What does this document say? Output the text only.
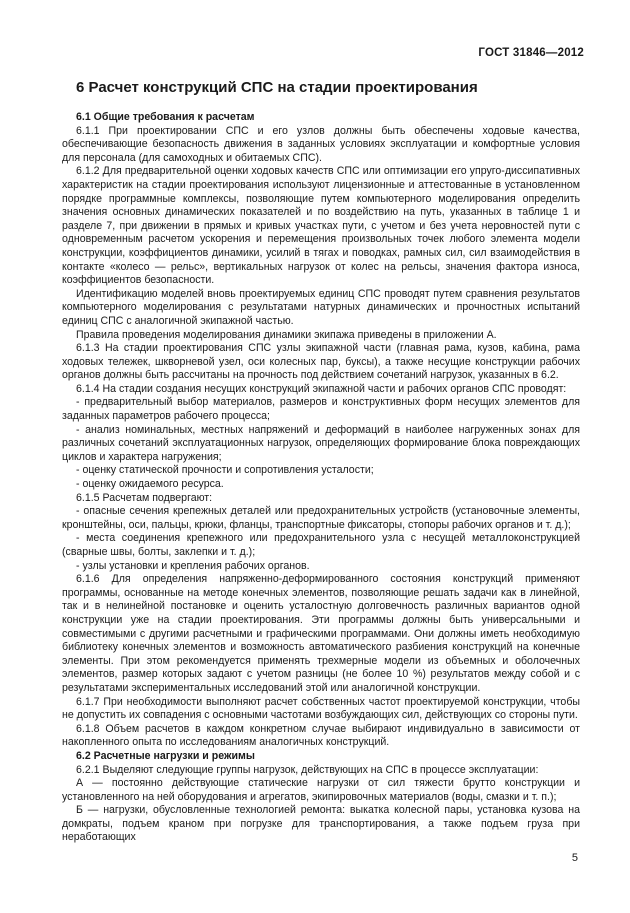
ГОСТ 31846—2012
6 Расчет конструкций СПС на стадии проектирования

6.1 Общие требования к расчетам

6.1.1 При проектировании СПС и его узлов должны быть обеспечены ходовые качества, обеспечивающие безопасность движения в заданных условиях эксплуатации и комфортные условия для персонала (для самоходных и обитаемых СПС).

6.1.2 Для предварительной оценки ходовых качеств СПС или оптимизации его упруго-диссипативных характеристик на стадии проектирования используют лицензионные и аттестованные в установленном порядке программные комплексы, позволяющие путем компьютерного моделирования определить значения основных динамических показателей и по воздействию на путь, указанных в таблице 1 и разделе 7, при движении в прямых и кривых участках пути, с учетом и без учета неровностей пути с одновременным расчетом ускорения и перемещения произвольных точек любого элемента модели конструкции, коэффициентов динамики, усилий в тягах и поводках, рамных сил, сил взаимодействия в контакте «колесо — рельс», вертикальных нагрузок от колес на рельсы, значения фактора износа, коэффициентов безопасности.

Идентификацию моделей вновь проектируемых единиц СПС проводят путем сравнения результатов компьютерного моделирования с результатами натурных динамических и прочностных испытаний единиц СПС с аналогичной экипажной частью.

Правила проведения моделирования динамики экипажа приведены в приложении А.

6.1.3 На стадии проектирования СПС узлы экипажной части (главная рама, кузов, кабина, рама ходовых тележек, шкворневой узел, оси колесных пар, буксы), а также несущие конструкции рабочих органов должны быть рассчитаны на прочность под действием сочетаний нагрузок, указанных в 6.2.

6.1.4 На стадии создания несущих конструкций экипажной части и рабочих органов СПС проводят:

- предварительный выбор материалов, размеров и конструктивных форм несущих элементов для заданных параметров рабочего процесса;

- анализ номинальных, местных напряжений и деформаций в наиболее нагруженных зонах для различных сочетаний эксплуатационных нагрузок, определяющих формирование блока повреждающих циклов и характера нагружения;

- оценку статической прочности и сопротивления усталости;

- оценку ожидаемого ресурса.

6.1.5 Расчетам подвергают:

- опасные сечения крепежных деталей или предохранительных устройств (установочные элементы, кронштейны, оси, пальцы, крюки, фланцы, транспортные фиксаторы, стопоры рабочих органов и т. д.);

- места соединения крепежного или предохранительного узла с несущей металлоконструкцией (сварные швы, болты, заклепки и т. д.);

- узлы установки и крепления рабочих органов.

6.1.6 Для определения напряженно-деформированного состояния конструкций применяют программы, основанные на методе конечных элементов, позволяющие решать задачи как в линейной, так и в нелинейной постановке и оценить усталостную долговечность различных вариантов одной конструкции уже на стадии проектирования. Эти программы должны быть универсальными и совместимыми с другими расчетными и графическими программами. Они должны иметь необходимую библиотеку конечных элементов и возможность автоматического разбиения конструкций на конечные элементы. При этом рекомендуется применять трехмерные модели из объемных и оболочечных элементов, размер которых задают с учетом разницы (не более 10 %) результатов между собой и с результатами экспериментальных исследований этой или аналогичной конструкции.

6.1.7 При необходимости выполняют расчет собственных частот проектируемой конструкции, чтобы не допустить их совпадения с основными частотами возбуждающих сил, действующих со стороны пути.

6.1.8 Объем расчетов в каждом конкретном случае выбирают индивидуально в зависимости от накопленного опыта по исследованиям аналогичных конструкций.

6.2 Расчетные нагрузки и режимы

6.2.1 Выделяют следующие группы нагрузок, действующих на СПС в процессе эксплуатации:

А — постоянно действующие статические нагрузки от сил тяжести брутто конструкции и установленного на ней оборудования и агрегатов, экипировочных материалов (воды, смазки и т. п.);

Б — нагрузки, обусловленные технологией ремонта: выкатка колесной пары, установка кузова на домкраты, подъем краном при погрузке для транспортирования, а также подъем груза при неработающих

5
